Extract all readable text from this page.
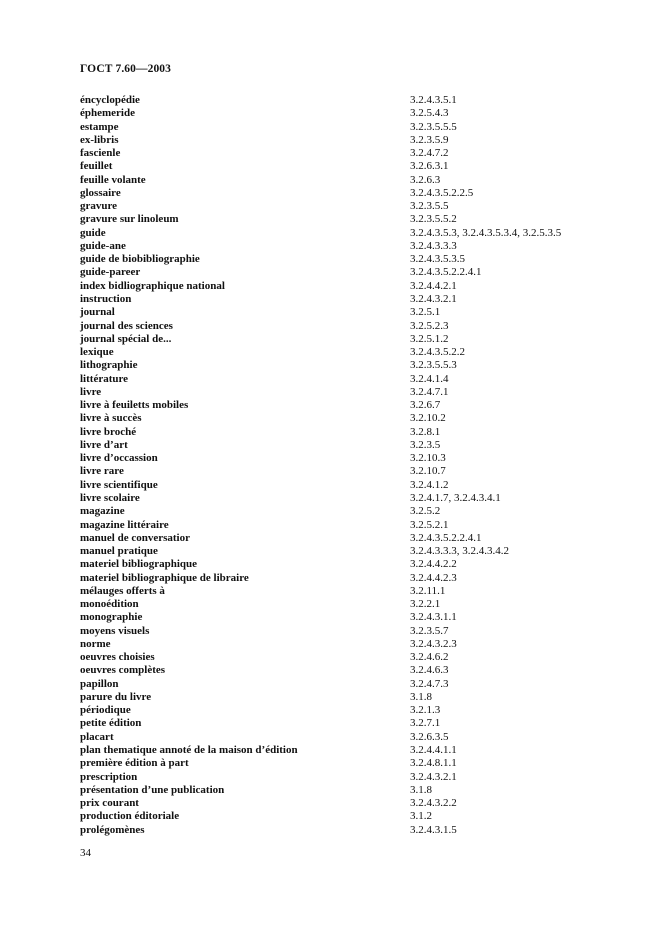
ГОСТ 7.60—2003
éncyclopédie	3.2.4.3.5.1
éphemeride	3.2.5.4.3
estampe	3.2.3.5.5.5
ex-libris	3.2.3.5.9
fascienle	3.2.4.7.2
feuillet	3.2.6.3.1
feuille volante	3.2.6.3
glossaire	3.2.4.3.5.2.2.5
gravure	3.2.3.5.5
gravure sur linoleum	3.2.3.5.5.2
guide	3.2.4.3.5.3, 3.2.4.3.5.3.4, 3.2.5.3.5
guide-ane	3.2.4.3.3.3
guide de biobibliographie	3.2.4.3.5.3.5
guide-pareer	3.2.4.3.5.2.2.4.1
index bidliographique national	3.2.4.4.2.1
instruction	3.2.4.3.2.1
journal	3.2.5.1
journal des sciences	3.2.5.2.3
journal spécial de...	3.2.5.1.2
lexique	3.2.4.3.5.2.2
lithographie	3.2.3.5.5.3
littérature	3.2.4.1.4
livre	3.2.4.7.1
livre à feuiletts mobiles	3.2.6.7
livre à succès	3.2.10.2
livre broché	3.2.8.1
livre d’art	3.2.3.5
livre d’occassion	3.2.10.3
livre rare	3.2.10.7
livre scientifique	3.2.4.1.2
livre scolaire	3.2.4.1.7, 3.2.4.3.4.1
magazine	3.2.5.2
magazine littéraire	3.2.5.2.1
manuel de conversatior	3.2.4.3.5.2.2.4.1
manuel pratique	3.2.4.3.3.3, 3.2.4.3.4.2
materiel bibliographique	3.2.4.4.2.2
materiel bibliographique de libraire	3.2.4.4.2.3
mélauges offerts à	3.2.11.1
monoédition	3.2.2.1
monographie	3.2.4.3.1.1
moyens visuels	3.2.3.5.7
norme	3.2.4.3.2.3
oeuvres choisies	3.2.4.6.2
oeuvres complètes	3.2.4.6.3
papillon	3.2.4.7.3
parure du livre	3.1.8
périodique	3.2.1.3
petite édition	3.2.7.1
placart	3.2.6.3.5
plan thematique annoté de la maison d’édition	3.2.4.4.1.1
première édition à part	3.2.4.8.1.1
prescription	3.2.4.3.2.1
présentation d’une publication	3.1.8
prix courant	3.2.4.3.2.2
production éditoriale	3.1.2
prolégomènes	3.2.4.3.1.5
34
